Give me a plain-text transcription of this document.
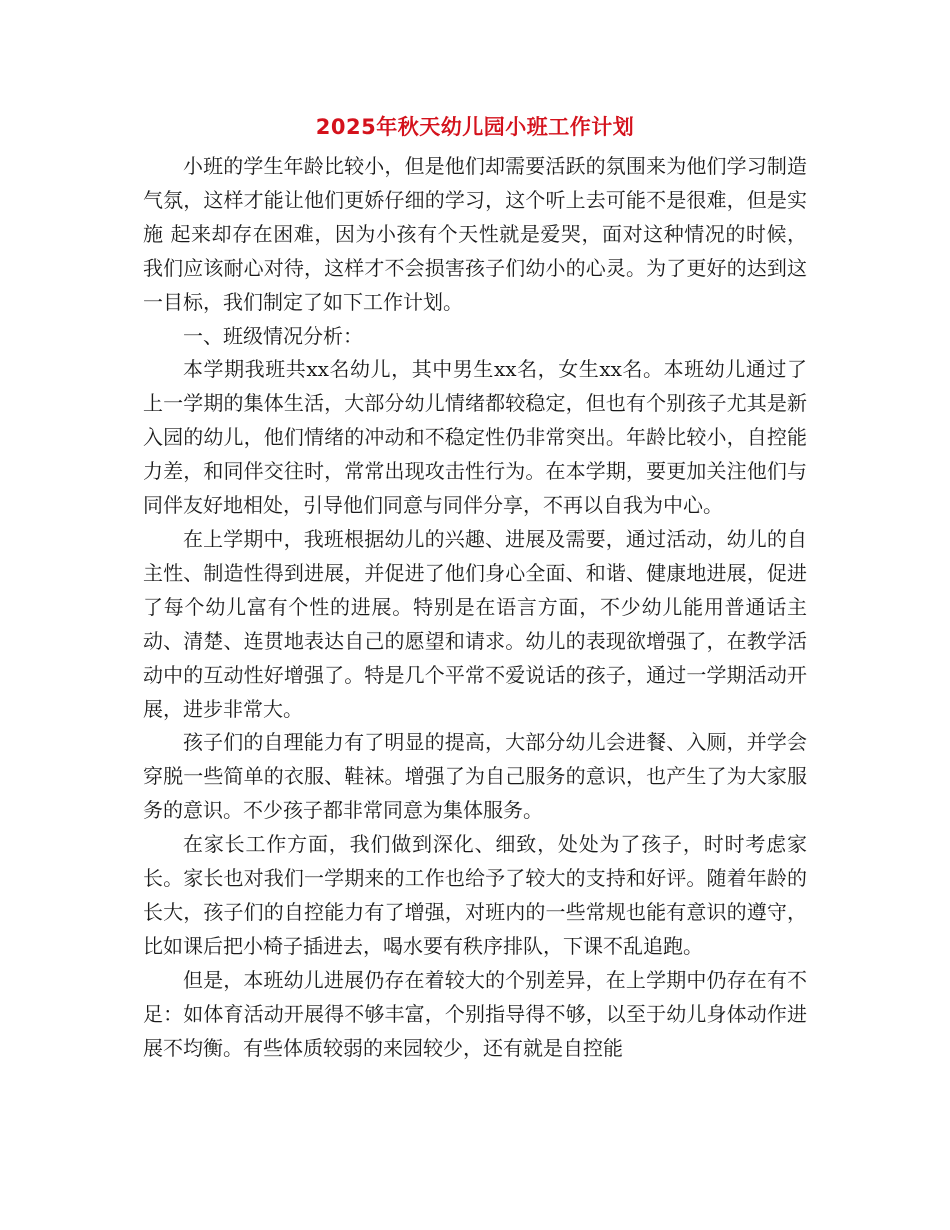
2025年秋天幼儿园小班工作计划

小班的学生年龄比较小，但是他们却需要活跃的氛围来为他们学习制造气氛，这样才能让他们更娇仔细的学习，这个听上去可能不是很难，但是实施 起来却存在困难，因为小孩有个天性就是爱哭，面对这种情况的时候，我们应该耐心对待，这样才不会损害孩子们幼小的心灵。为了更好的达到这一目标，我们制定了如下工作计划。

一、班级情况分析：

本学期我班共xx名幼儿，其中男生xx名，女生xx名。本班幼儿通过了上一学期的集体生活，大部分幼儿情绪都较稳定，但也有个别孩子尤其是新入园的幼儿，他们情绪的冲动和不稳定性仍非常突出。年龄比较小，自控能力差，和同伴交往时，常常出现攻击性行为。在本学期，要更加关注他们与同伴友好地相处，引导他们同意与同伴分享，不再以自我为中心。

在上学期中，我班根据幼儿的兴趣、进展及需要，通过活动，幼儿的自主性、制造性得到进展，并促进了他们身心全面、和谐、健康地进展，促进了每个幼儿富有个性的进展。特别是在语言方面，不少幼儿能用普通话主动、清楚、连贯地表达自己的愿望和请求。幼儿的表现欲增强了，在教学活动中的互动性好增强了。特是几个平常不爱说话的孩子，通过一学期活动开展，进步非常大。

孩子们的自理能力有了明显的提高，大部分幼儿会进餐、入厕，并学会穿脱一些简单的衣服、鞋袜。增强了为自己服务的意识，也产生了为大家服务的意识。不少孩子都非常同意为集体服务。

在家长工作方面，我们做到深化、细致，处处为了孩子，时时考虑家长。家长也对我们一学期来的工作也给予了较大的支持和好评。随着年龄的长大，孩子们的自控能力有了增强，对班内的一些常规也能有意识的遵守，比如课后把小椅子插进去，喝水要有秩序排队，下课不乱追跑。

但是，本班幼儿进展仍存在着较大的个别差异，在上学期中仍存在有不足：如体育活动开展得不够丰富，个别指导得不够，以至于幼儿身体动作进展不均衡。有些体质较弱的来园较少，还有就是自控能
